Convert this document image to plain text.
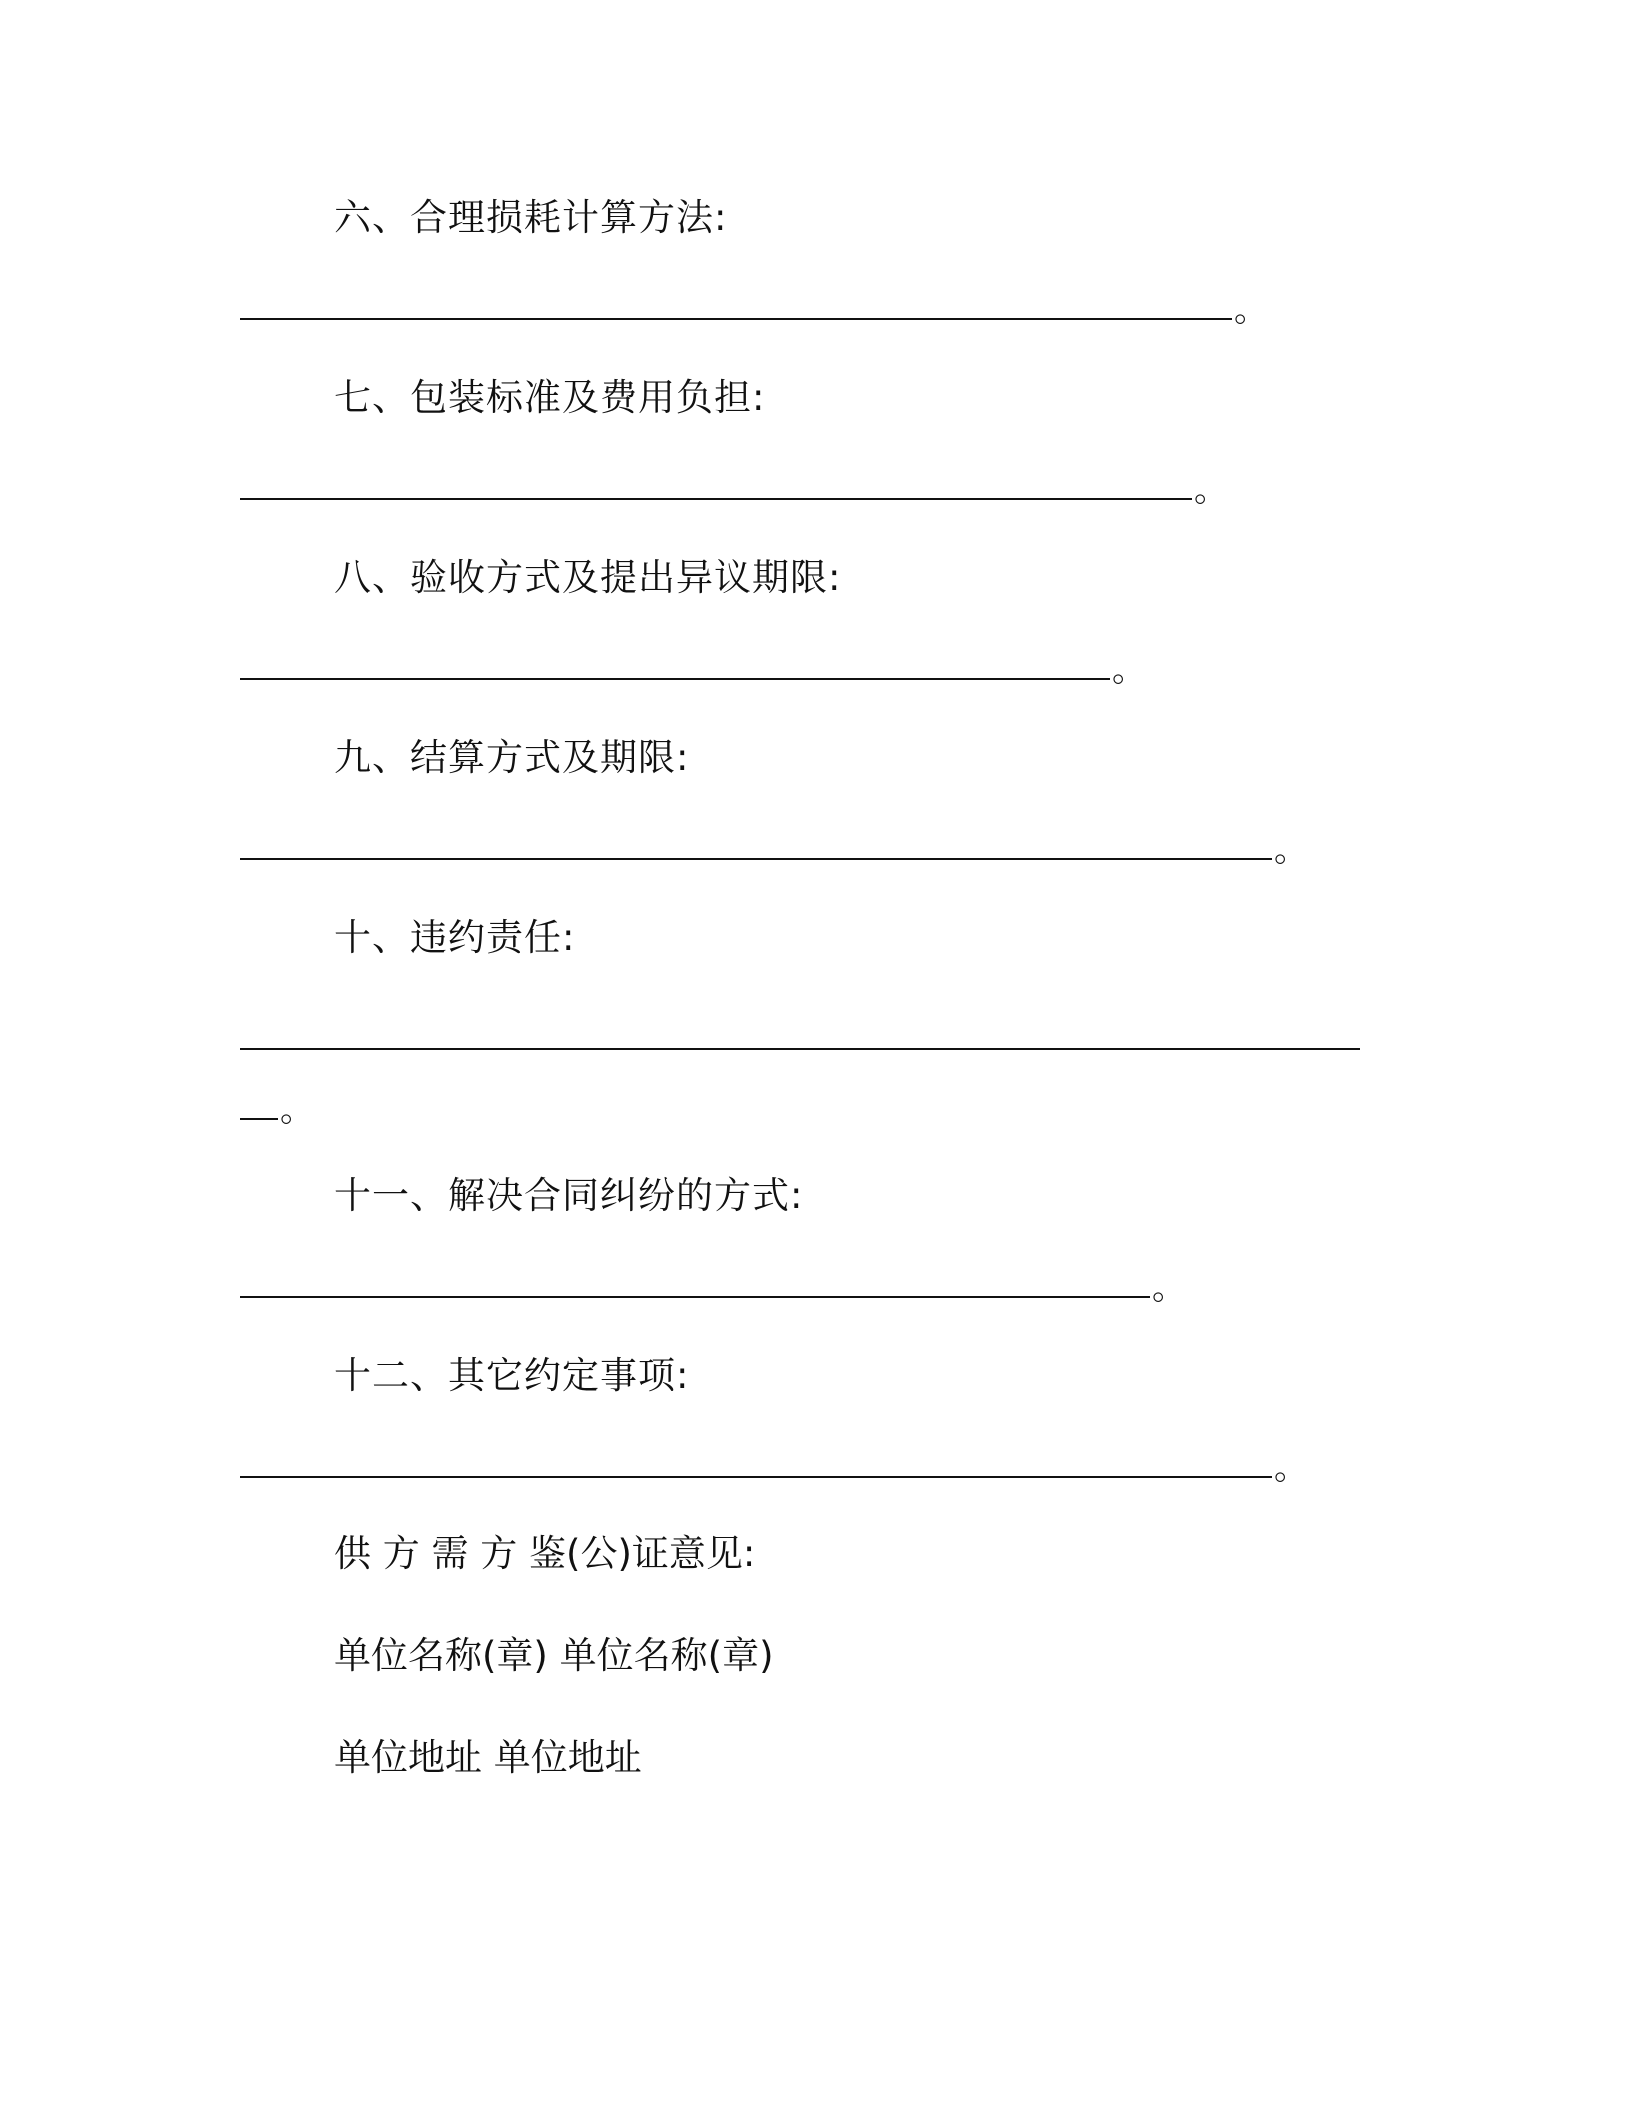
六、合理损耗计算方法:
。
七、包装标准及费用负担:
。
八、验收方式及提出异议期限:
。
九、结算方式及期限:
。
十、违约责任:
。
十一、解决合同纠纷的方式:
。
十二、其它约定事项:
。
供 方 需 方 鉴(公)证意见:
单位名称(章) 单位名称(章)
单位地址 单位地址
